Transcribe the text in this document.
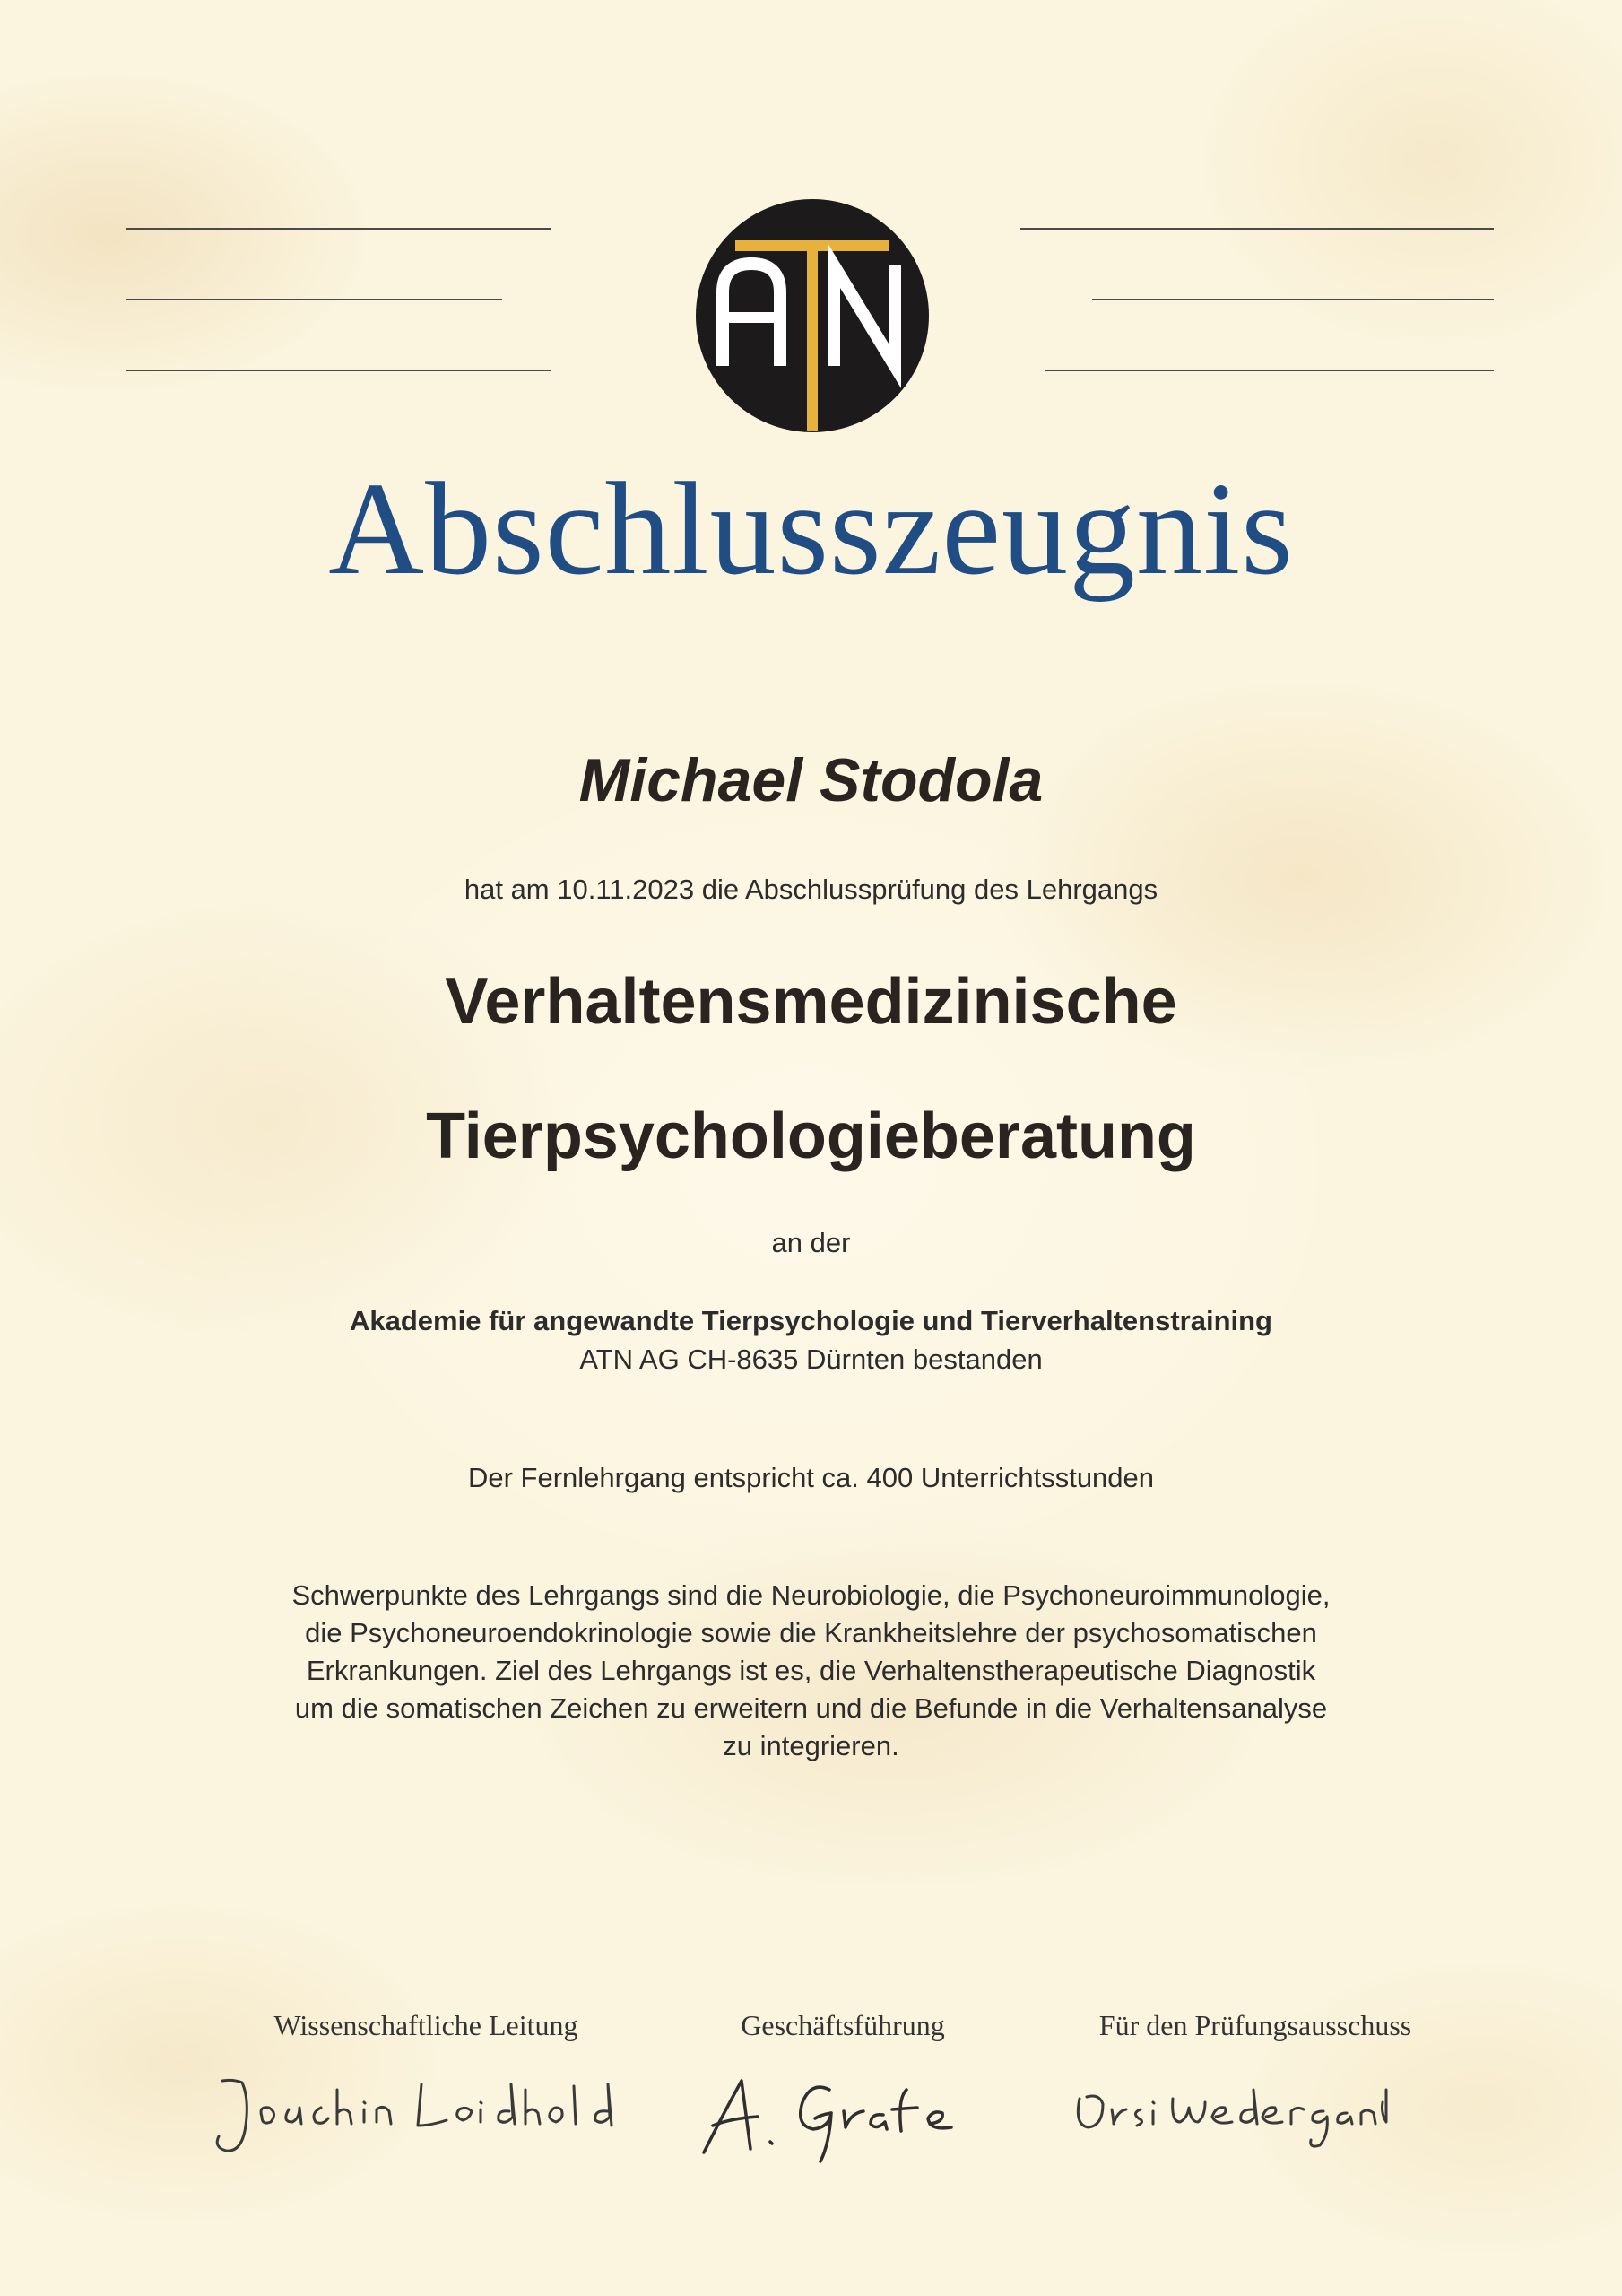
Abschlusszeugnis
Michael Stodola
hat am 10.11.2023 die Abschlussprüfung des Lehrgangs
Verhaltensmedizinische
Tierpsychologieberatung
an der
Akademie für angewandte Tierpsychologie und Tierverhaltenstraining
ATN AG CH-8635 Dürnten bestanden
Der Fernlehrgang entspricht ca. 400 Unterrichtsstunden
Schwerpunkte des Lehrgangs sind die Neurobiologie, die Psychoneuroimmunologie,
die Psychoneuroendokrinologie sowie die Krankheitslehre der psychosomatischen
Erkrankungen. Ziel des Lehrgangs ist es, die Verhaltenstherapeutische Diagnostik
um die somatischen Zeichen zu erweitern und die Befunde in die Verhaltensanalyse
zu integrieren.
Wissenschaftliche Leitung	Geschäftsführung	Für den Prüfungsausschuss
